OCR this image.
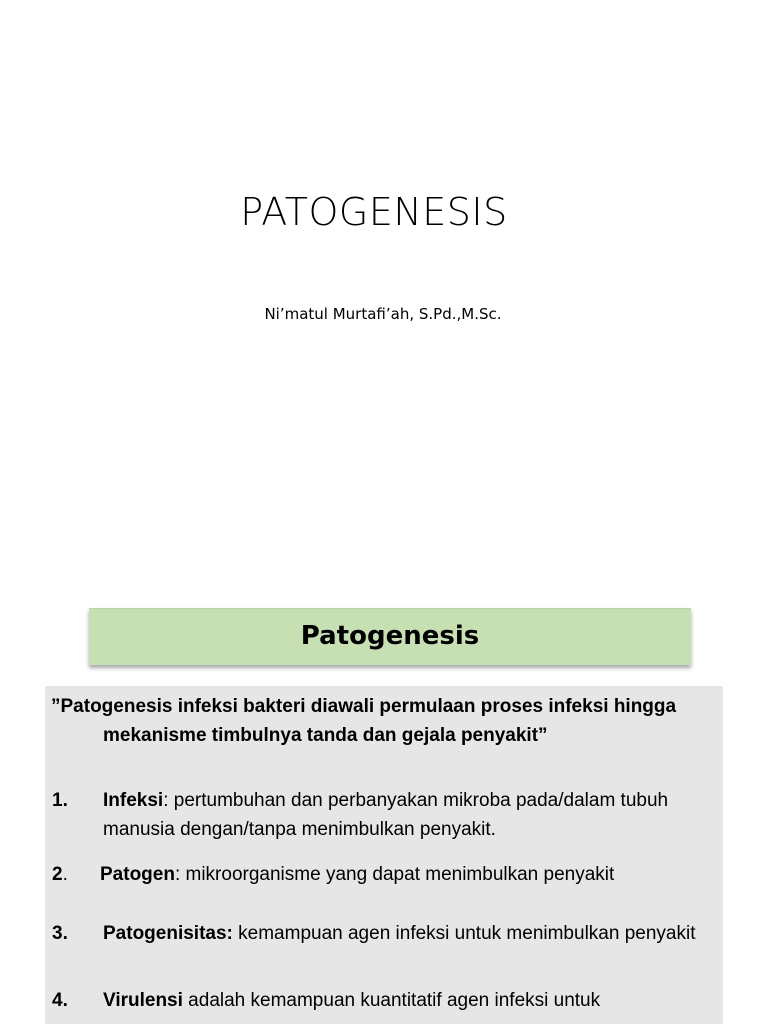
PATOGENESIS
Ni’matul Murtafi’ah, S.Pd.,M.Sc.
Patogenesis
”Patogenesis infeksi bakteri diawali permulaan proses infeksi hingga
mekanisme timbulnya tanda dan gejala penyakit”
1.	Infeksi: pertumbuhan dan perbanyakan mikroba pada/dalam tubuh manusia dengan/tanpa menimbulkan penyakit.
2.	Patogen: mikroorganisme yang dapat menimbulkan penyakit
3.	Patogenisitas: kemampuan agen infeksi untuk menimbulkan penyakit
4.	Virulensi adalah kemampuan kuantitatif agen infeksi untuk
